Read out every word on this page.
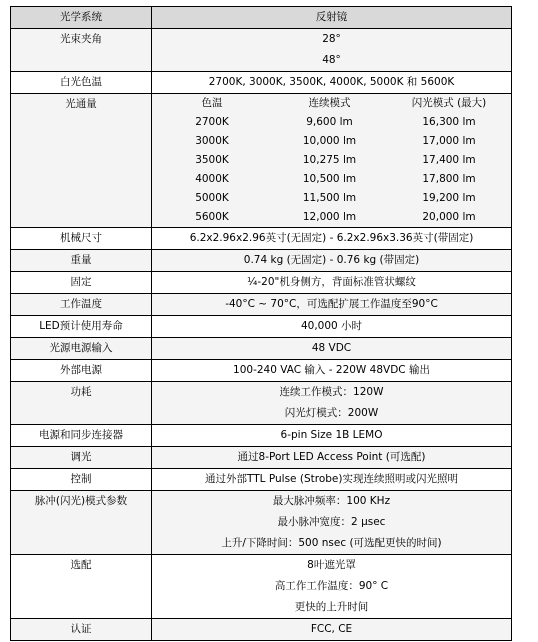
光学系统	反射镜
光束夹角	28°
48°

白光色温	2700K, 3000K, 3500K, 4000K, 5000K 和 5600K
光通量		色温	连续模式	闪光模式 (最大)
2700K	9,600 lm	16,300 lm
3000K	10,000 lm	17,000 lm
3500K	10,275 lm	17,400 lm
4000K	10,500 lm	17,800 lm
5000K	11,500 lm	19,200 lm
5600K	12,000 lm	20,000 lm

机械尺寸	6.2x2.96x2.96英寸(无固定) - 6.2x2.96x3.36英寸(带固定)
重量	0.74 kg (无固定) - 0.76 kg (带固定)
固定	¼-20"机身侧方，背面标准管状螺纹
工作温度	-40°C ~ 70°C，可选配扩展工作温度至90°C
LED预计使用寿命	40,000 小时
光源电源输入	48 VDC
外部电源	100-240 VAC 输入 - 220W 48VDC 输出
功耗	连续工作模式：120W
闪光灯模式：200W

电源和同步连接器	6-pin Size 1B LEMO
调光	通过8-Port LED Access Point (可选配)
控制	通过外部TTL Pulse (Strobe)实现连续照明或闪光照明
脉冲(闪光)模式参数	最大脉冲频率：100 KHz
最小脉冲宽度：2 μsec
上升/下降时间：500 nsec (可选配更快的时间)

选配	8叶遮光罩
高工作工作温度：90° C
更快的上升时间

认证	FCC, CE
